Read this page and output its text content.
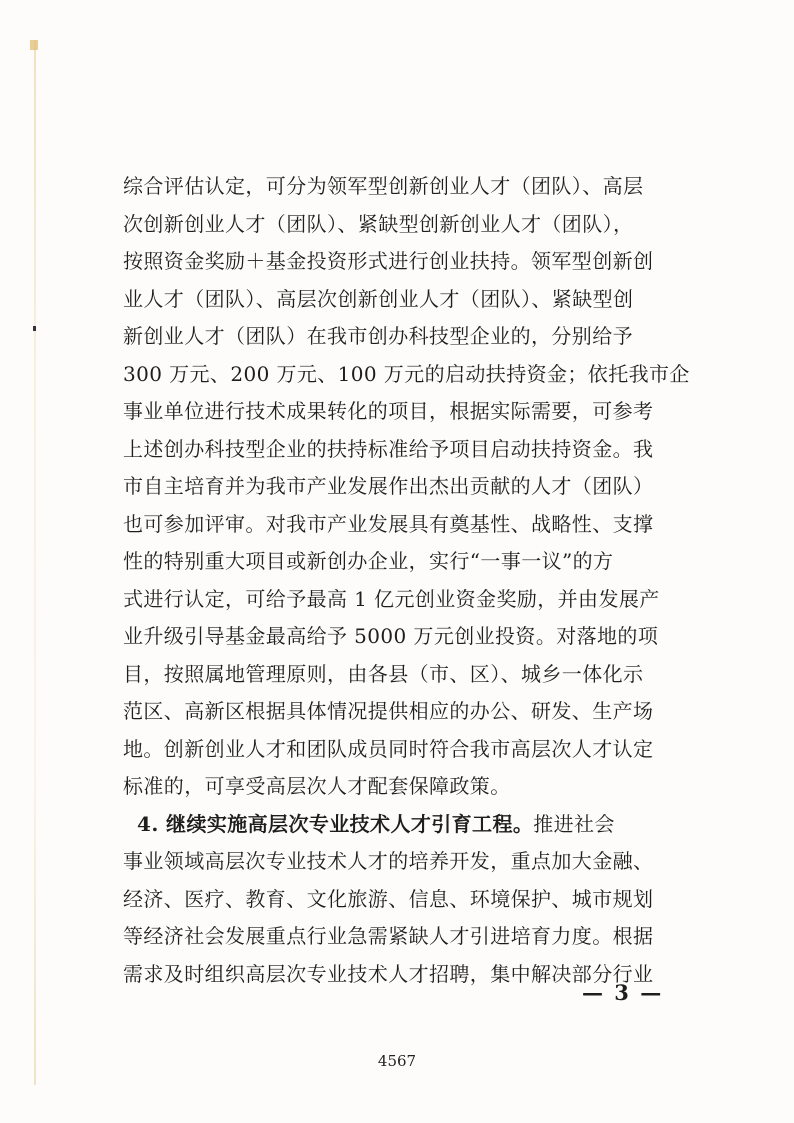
综合评估认定，可分为领军型创新创业人才（团队）、高层
次创新创业人才（团队）、紧缺型创新创业人才（团队），
按照资金奖励＋基金投资形式进行创业扶持。领军型创新创
业人才（团队）、高层次创新创业人才（团队）、紧缺型创
新创业人才（团队）在我市创办科技型企业的，分别给予
300 万元、200 万元、100 万元的启动扶持资金；依托我市企
事业单位进行技术成果转化的项目，根据实际需要，可参考
上述创办科技型企业的扶持标准给予项目启动扶持资金。我
市自主培育并为我市产业发展作出杰出贡献的人才（团队）
也可参加评审。对我市产业发展具有奠基性、战略性、支撑
性的特别重大项目或新创办企业，实行“一事一议”的方
式进行认定，可给予最高 1 亿元创业资金奖励，并由发展产
业升级引导基金最高给予 5000 万元创业投资。对落地的项
目，按照属地管理原则，由各县（市、区）、城乡一体化示
范区、高新区根据具体情况提供相应的办公、研发、生产场
地。创新创业人才和团队成员同时符合我市高层次人才认定
标准的，可享受高层次人才配套保障政策。
4. 继续实施高层次专业技术人才引育工程。推进社会
事业领域高层次专业技术人才的培养开发，重点加大金融、
经济、医疗、教育、文化旅游、信息、环境保护、城市规划
等经济社会发展重点行业急需紧缺人才引进培育力度。根据
需求及时组织高层次专业技术人才招聘，集中解决部分行业
— 3 —
4567
